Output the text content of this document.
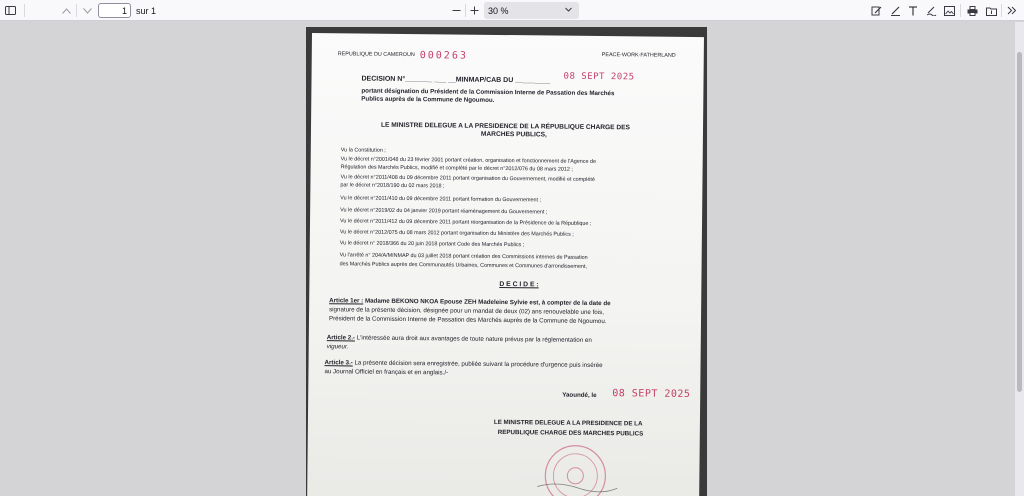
1
sur 1	30 %
REPUBLIQUE DU CAMEROUN 000263	PEACE-WORK-FATHERLAND
DECISION N°_______ ___ __MINMAP/CAB DU _________ 08 SEPT 2025
portant désignation du Président de la Commission Interne de Passation des Marchés
Publics auprès de la Commune de Ngoumou.
LE MINISTRE DELEGUE A LA PRESIDENCE DE LA RÉPUBLIQUE CHARGE DES
MARCHES PUBLICS,
Vu la Constitution ;
Vu le décret n°2001/048 du 23 février 2001 portant création, organisation et fonctionnement de l'Agence de
Régulation des Marchés Publics, modifié et complété par le décret n°2012/076 du 08 mars 2012 ;
Vu le décret n°2011/408 du 09 décembre 2011 portant organisation du Gouvernement, modifié et complété
par le décret n°2018/190 du 02 mars 2018 ;
Vu le décret n°2011/410 du 09 décembre 2011 portant formation du Gouvernement ;
Vu le décret n°2019/02 du 04 janvier 2019 portant réaménagement du Gouvernement ;
Vu le décret n°2011/412 du 09 décembre 2011 portant réorganisation de la Présidence de la République ;
Vu le décret n°2012/075 du 08 mars 2012 portant organisation du Ministère des Marchés Publics ;
Vu le décret n° 2018/366 du 20 juin 2018 portant Code des Marchés Publics ;
Vu l'arrêté n° 204/A/MINMAP du 03 juillet 2018 portant création des Commissions internes de Passation
des Marchés Publics auprès des Communautés Urbaines, Communes et Communes d'arrondissement,
D E C I D E :
Article 1er : Madame BEKONO NKOA Epouse ZEH Madeleine Sylvie est, à compter de la date de
signature de la présente décision, désignée pour un mandat de deux (02) ans renouvelable une fois,
Président de la Commission Interne de Passation des Marchés auprès de la Commune de Ngoumou.
Article 2.- L'intéressée aura droit aux avantages de toute nature prévus par la réglementation en
vigueur.
Article 3.- La présente décision sera enregistrée, publiée suivant la procédure d'urgence puis insérée
au Journal Officiel en français et en anglais./-
Yaoundé, le 08 SEPT 2025
LE MINISTRE DELEGUE A LA PRESIDENCE DE LA
REPUBLIQUE CHARGE DES MARCHES PUBLICS
